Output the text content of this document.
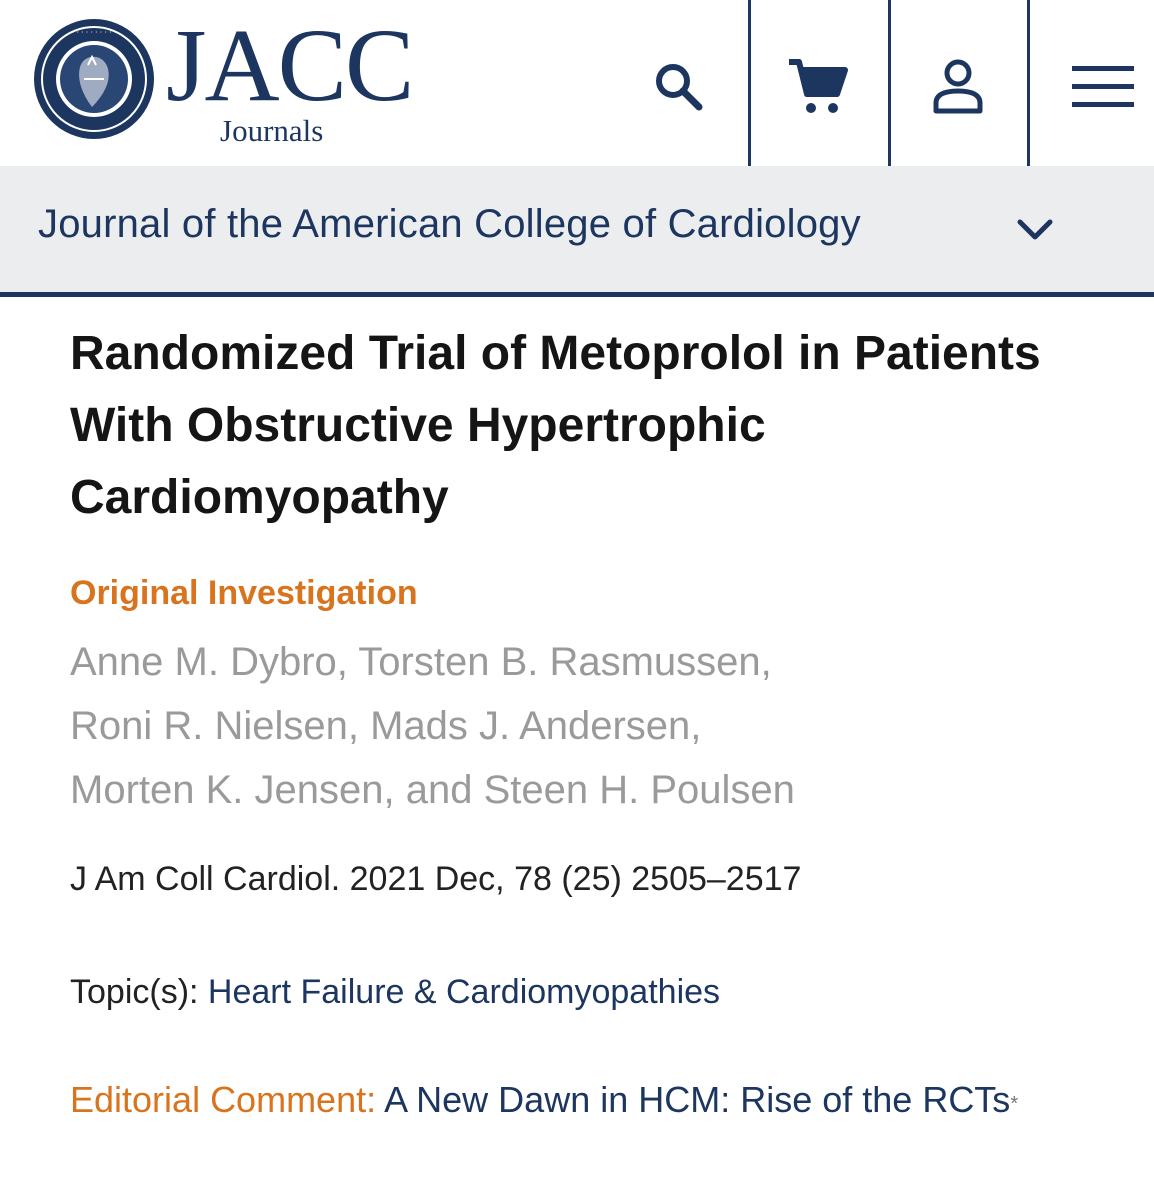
· · · · · · · · JACC
Journals
Journal of the American College of Cardiology
Randomized Trial of Metoprolol in Patients With Obstructive Hypertrophic Cardiomyopathy
Original Investigation
Anne M. Dybro, Torsten B. Rasmussen,
Roni R. Nielsen, Mads J. Andersen,
Morten K. Jensen, and Steen H. Poulsen
J Am Coll Cardiol. 2021 Dec, 78 (25) 2505–2517
Topic(s): Heart Failure & Cardiomyopathies
Editorial Comment: A New Dawn in HCM: Rise of the RCTs*
